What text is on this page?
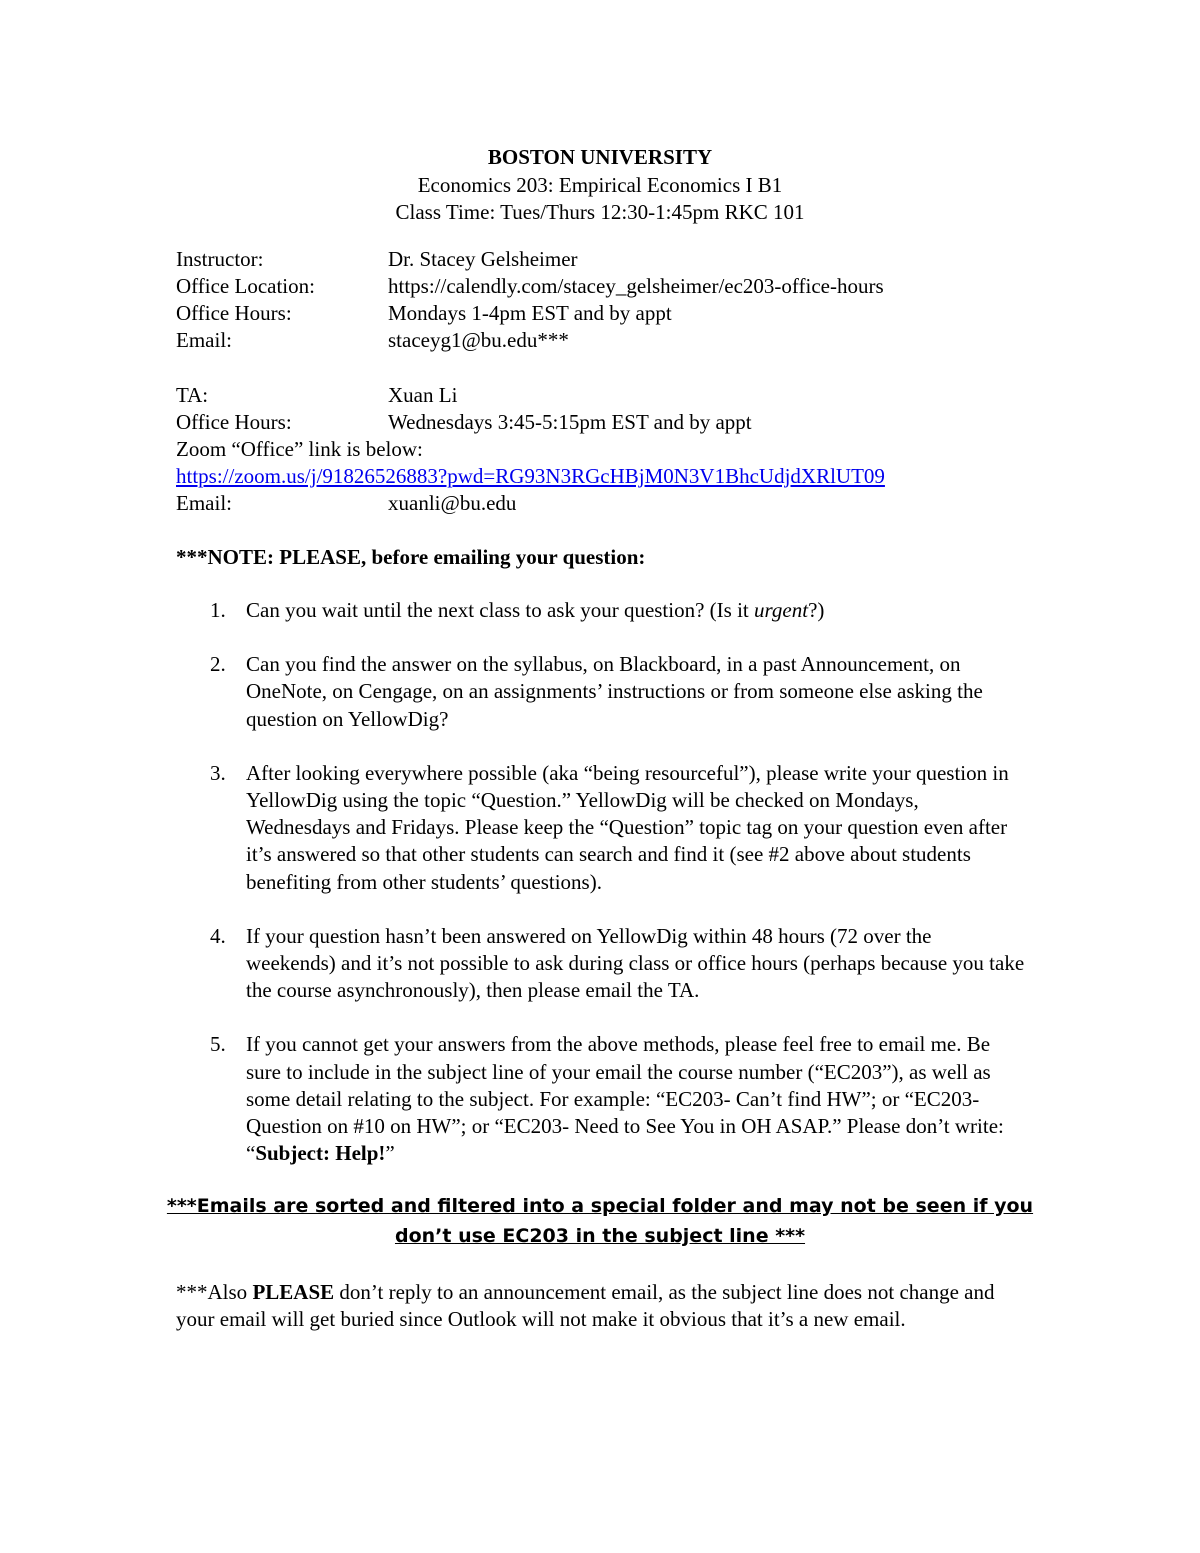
BOSTON UNIVERSITY
Economics 203: Empirical Economics I B1
Class Time: Tues/Thurs 12:30-1:45pm RKC 101
Instructor:	Dr. Stacey Gelsheimer
Office Location:	https://calendly.com/stacey_gelsheimer/ec203-office-hours
Office Hours:	Mondays 1-4pm EST and by appt
Email:	staceyg1@bu.edu***
TA:	Xuan Li
Office Hours:	Wednesdays 3:45-5:15pm EST and by appt
Zoom “Office” link is below:
https://zoom.us/j/91826526883?pwd=RG93N3RGcHBjM0N3V1BhcUdjdXRlUT09
Email:	xuanli@bu.edu
***NOTE: PLEASE, before emailing your question:
1. Can you wait until the next class to ask your question? (Is it urgent?)
2. Can you find the answer on the syllabus, on Blackboard, in a past Announcement, on OneNote, on Cengage, on an assignments’ instructions or from someone else asking the question on YellowDig?
3. After looking everywhere possible (aka “being resourceful”), please write your question in YellowDig using the topic “Question.” YellowDig will be checked on Mondays, Wednesdays and Fridays. Please keep the “Question” topic tag on your question even after it’s answered so that other students can search and find it (see #2 above about students benefiting from other students’ questions).
4. If your question hasn’t been answered on YellowDig within 48 hours (72 over the weekends) and it’s not possible to ask during class or office hours (perhaps because you take the course asynchronously), then please email the TA.
5. If you cannot get your answers from the above methods, please feel free to email me. Be sure to include in the subject line of your email the course number (“EC203”), as well as some detail relating to the subject. For example: “EC203- Can’t find HW”; or “EC203- Question on #10 on HW”; or “EC203- Need to See You in OH ASAP.” Please don’t write: “Subject: Help!”
***Emails are sorted and filtered into a special folder and may not be seen if you don’t use EC203 in the subject line ***
***Also PLEASE don’t reply to an announcement email, as the subject line does not change and your email will get buried since Outlook will not make it obvious that it’s a new email.
